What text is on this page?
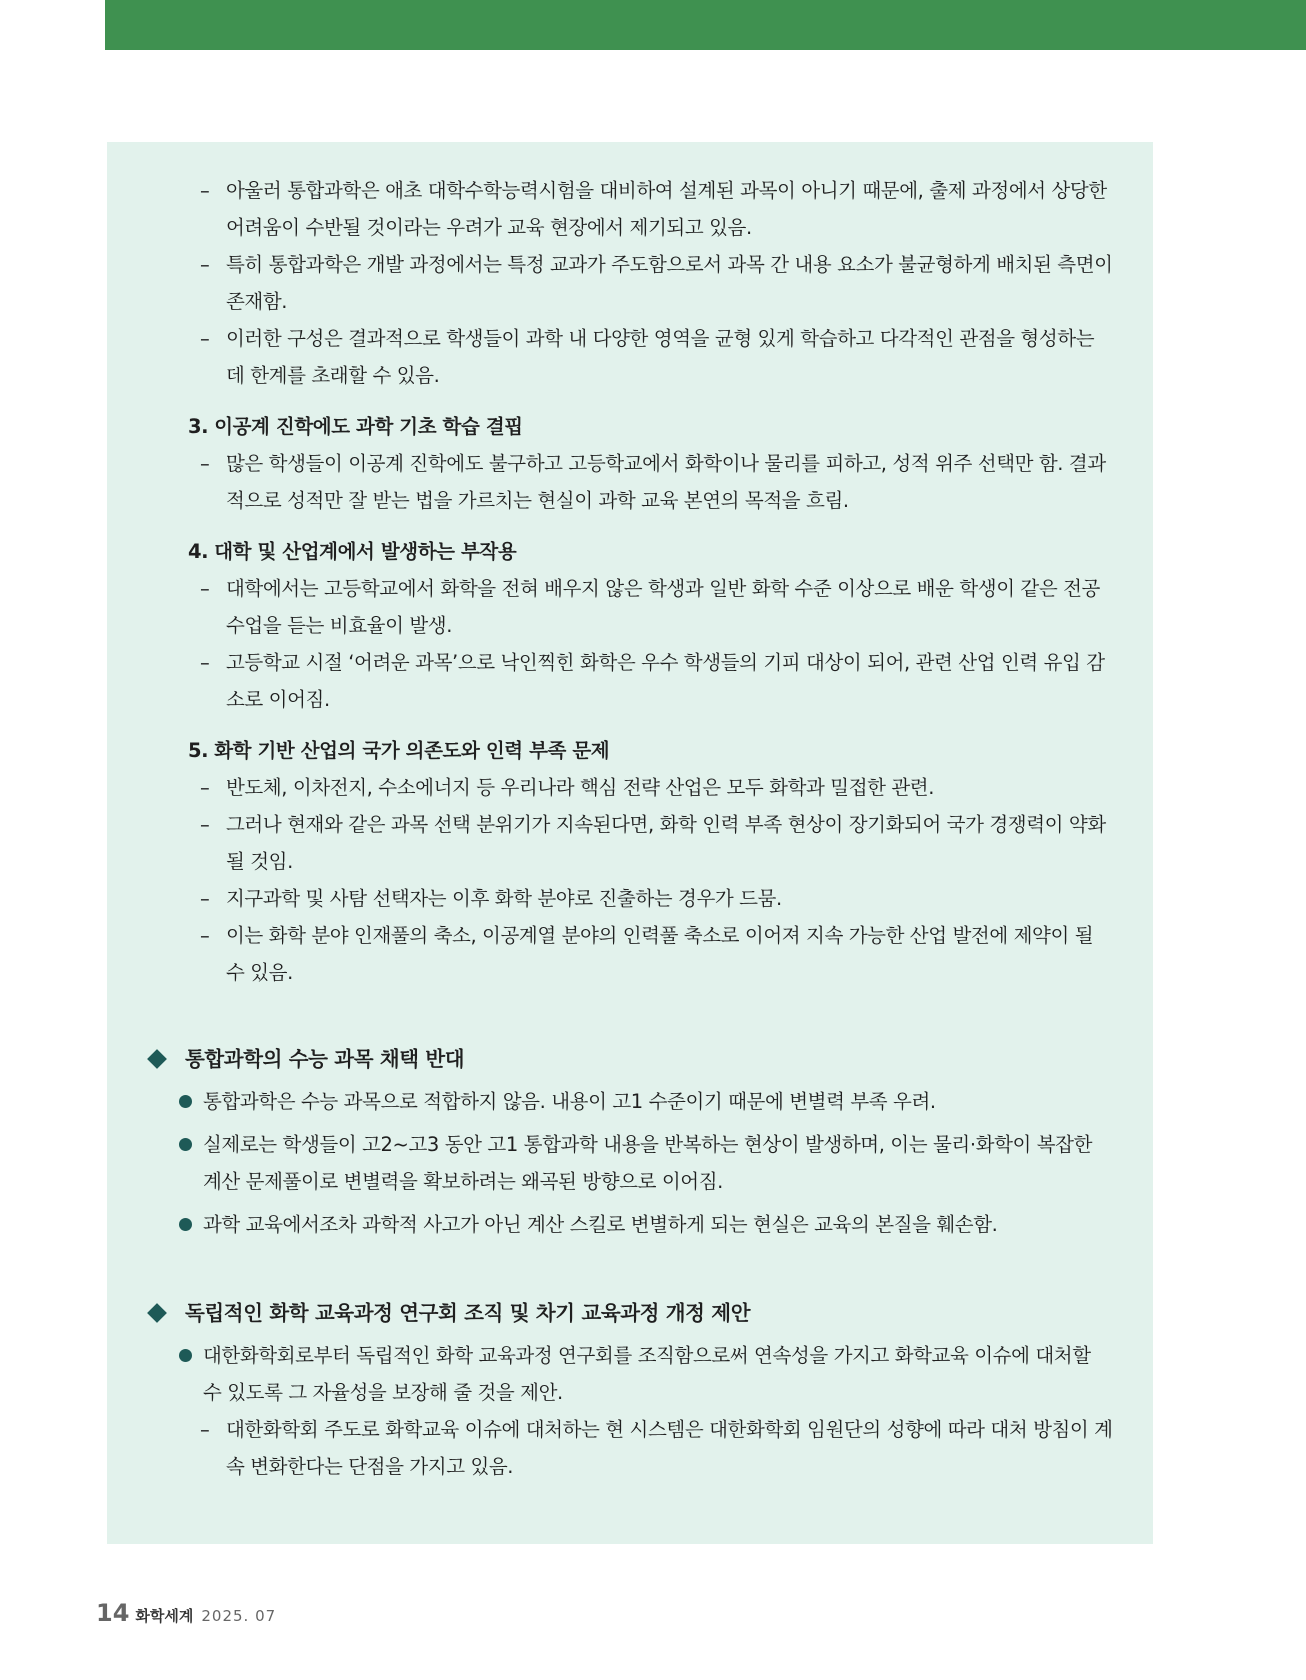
– 아울러 통합과학은 애초 대학수학능력시험을 대비하여 설계된 과목이 아니기 때문에, 출제 과정에서 상당한 어려움이 수반될 것이라는 우려가 교육 현장에서 제기되고 있음.
– 특히 통합과학은 개발 과정에서는 특정 교과가 주도함으로서 과목 간 내용 요소가 불균형하게 배치된 측면이 존재함.
– 이러한 구성은 결과적으로 학생들이 과학 내 다양한 영역을 균형 있게 학습하고 다각적인 관점을 형성하는 데 한계를 초래할 수 있음.
3. 이공계 진학에도 과학 기초 학습 결핍
– 많은 학생들이 이공계 진학에도 불구하고 고등학교에서 화학이나 물리를 피하고, 성적 위주 선택만 함. 결과적으로 성적만 잘 받는 법을 가르치는 현실이 과학 교육 본연의 목적을 흐림.
4. 대학 및 산업계에서 발생하는 부작용
– 대학에서는 고등학교에서 화학을 전혀 배우지 않은 학생과 일반 화학 수준 이상으로 배운 학생이 같은 전공 수업을 듣는 비효율이 발생.
– 고등학교 시절 ‘어려운 과목’으로 낙인찍힌 화학은 우수 학생들의 기피 대상이 되어, 관련 산업 인력 유입 감소로 이어짐.
5. 화학 기반 산업의 국가 의존도와 인력 부족 문제
– 반도체, 이차전지, 수소에너지 등 우리나라 핵심 전략 산업은 모두 화학과 밀접한 관련.
– 그러나 현재와 같은 과목 선택 분위기가 지속된다면, 화학 인력 부족 현상이 장기화되어 국가 경쟁력이 약화될 것임.
– 지구과학 및 사탐 선택자는 이후 화학 분야로 진출하는 경우가 드뭄.
– 이는 화학 분야 인재풀의 축소, 이공계열 분야의 인력풀 축소로 이어져 지속 가능한 산업 발전에 제약이 될 수 있음.
통합과학의 수능 과목 채택 반대
통합과학은 수능 과목으로 적합하지 않음. 내용이 고1 수준이기 때문에 변별력 부족 우려.
실제로는 학생들이 고2~고3 동안 고1 통합과학 내용을 반복하는 현상이 발생하며, 이는 물리·화학이 복잡한 계산 문제풀이로 변별력을 확보하려는 왜곡된 방향으로 이어짐.
과학 교육에서조차 과학적 사고가 아닌 계산 스킬로 변별하게 되는 현실은 교육의 본질을 훼손함.
독립적인 화학 교육과정 연구회 조직 및 차기 교육과정 개정 제안
대한화학회로부터 독립적인 화학 교육과정 연구회를 조직함으로써 연속성을 가지고 화학교육 이슈에 대처할 수 있도록 그 자율성을 보장해 줄 것을 제안.
– 대한화학회 주도로 화학교육 이슈에 대처하는 현 시스템은 대한화학회 임원단의 성향에 따라 대처 방침이 계속 변화한다는 단점을 가지고 있음.
14 화학세계 2025. 07
